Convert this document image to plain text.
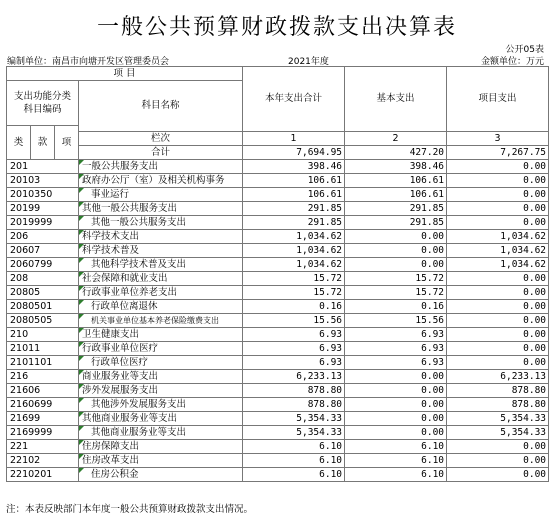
一般公共预算财政拨款支出决算表
公开05表
编制单位：南昌市向塘开发区管理委员会	2021年度	金额单位：万元
项 目				本年支出合计	基本支出	项目支出
支出功能分类科目编码			科目名称			
类	款	项				
			栏次	1	2	3
			合计	7,694.95	427.20	7,267.75
201			一般公共服务支出	398.46	398.46	0.00
20103			政府办公厅（室）及相关机构事务	106.61	106.61	0.00
2010350			事业运行	106.61	106.61	0.00
20199			其他一般公共服务支出	291.85	291.85	0.00
2019999			其他一般公共服务支出	291.85	291.85	0.00
206			科学技术支出	1,034.62	0.00	1,034.62
20607			科学技术普及	1,034.62	0.00	1,034.62
2060799			其他科学技术普及支出	1,034.62	0.00	1,034.62
208			社会保障和就业支出	15.72	15.72	0.00
20805			行政事业单位养老支出	15.72	15.72	0.00
2080501			行政单位离退休	0.16	0.16	0.00
2080505			机关事业单位基本养老保险缴费支出	15.56	15.56	0.00
210			卫生健康支出	6.93	6.93	0.00
21011			行政事业单位医疗	6.93	6.93	0.00
2101101			行政单位医疗	6.93	6.93	0.00
216			商业服务业等支出	6,233.13	0.00	6,233.13
21606			涉外发展服务支出	878.80	0.00	878.80
2160699			其他涉外发展服务支出	878.80	0.00	878.80
21699			其他商业服务业等支出	5,354.33	0.00	5,354.33
2169999			其他商业服务业等支出	5,354.33	0.00	5,354.33
221			住房保障支出	6.10	6.10	0.00
22102			住房改革支出	6.10	6.10	0.00
2210201			住房公积金	6.10	6.10	0.00
注：本表反映部门本年度一般公共预算财政拨款支出情况。
